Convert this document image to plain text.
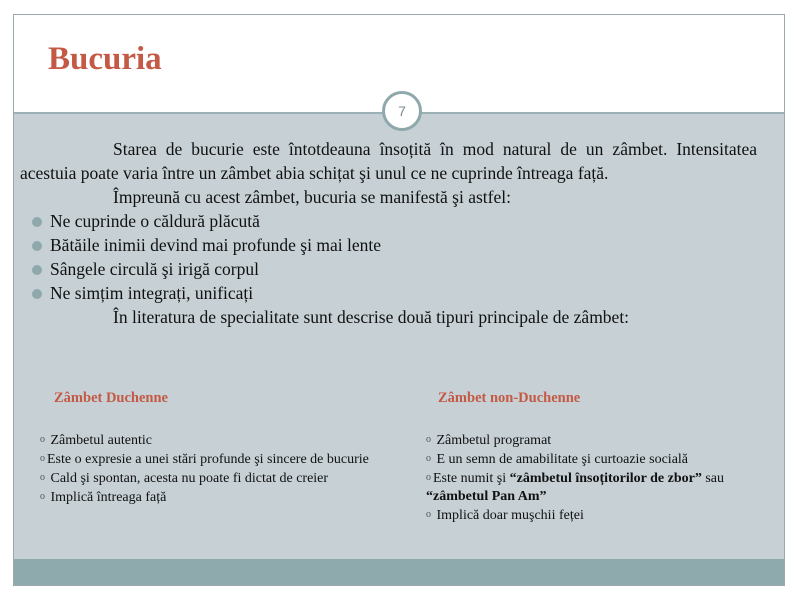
Bucuria
7

Starea de bucurie este întotdeauna însoțită în mod natural de un zâmbet. Intensitatea acestuia poate varia între un zâmbet abia schițat şi unul ce ne cuprinde întreaga față.

Împreună cu acest zâmbet, bucuria se manifestă şi astfel:

Ne cuprinde o căldură plăcută
Bătăile inimii devind mai profunde şi mai lente
Sângele circulă şi irigă corpul
Ne simțim integrați, unificați

În literatura de specialitate sunt descrise două tipuri principale de zâmbet:

Zâmbet Duchenne
o Zâmbetul autentic
o Este o expresie a unei stări profunde şi sincere de bucurie
o Cald şi spontan, acesta nu poate fi dictat de creier
o Implică întreaga față
Zâmbet non-Duchenne
o Zâmbetul programat
o E un semn de amabilitate şi curtoazie socială
o Este numit şi “zâmbetul însoțitorilor de zbor” sau “zâmbetul Pan Am”
o Implică doar muşchii feței
